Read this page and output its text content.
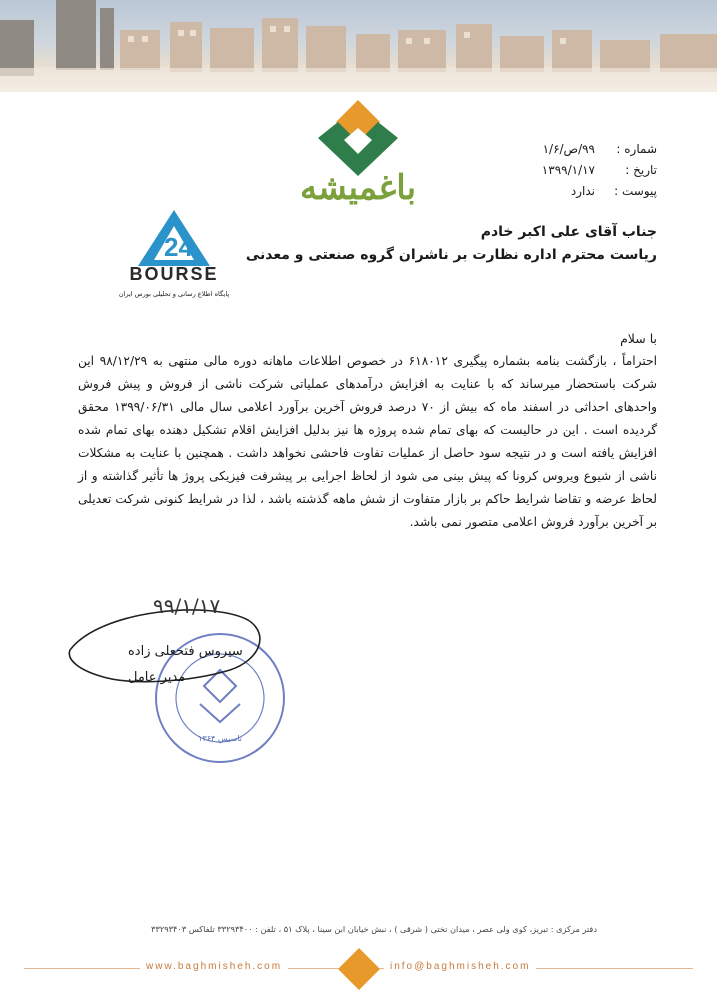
باغمیشه
شماره :
۹۹/ص/۱/۶
تاریخ :
۱۳۹۹/۱/۱۷
پیوست :
ندارد
24
BOURSE
پایگاه اطلاع رسانی و تحلیلی بورس ایران
جناب آقای علی اکبر خادم
ریاست محترم اداره نظارت بر ناشران گروه صنعتی و معدنی
با سلام
احتراماً ، بازگشت بنامه بشماره پیگیری ۶۱۸۰۱۲ در خصوص اطلاعات ماهانه دوره مالی منتهی به ۹۸/۱۲/۲۹ این شرکت باستحضار میرساند که با عنایت به افزایش درآمدهای عملیاتی شرکت ناشی از فروش و پیش فروش واحدهای احداثی در اسفند ماه که بیش از ۷۰ درصد فروش آخرین برآورد اعلامی سال مالی ۱۳۹۹/۰۶/۳۱ محقق گردیده است . این در حالیست که بهای تمام شده پروژه ها نیز بدلیل افزایش اقلام تشکیل دهنده بهای تمام شده افزایش یافته است و در نتیجه سود حاصل از عملیات تفاوت فاحشی نخواهد داشت . همچنین با عنایت به مشکلات ناشی از شیوع ویروس کرونا که پیش بینی می شود از لحاظ اجرایی بر پیشرفت فیزیکی پروژ ها تأثیر گذاشته و از لحاظ عرضه و تقاضا شرایط حاکم بر بازار متفاوت از شش ماهه گذشته باشد ، لذا در شرایط کنونی شرکت تعدیلی بر آخرین برآورد فروش اعلامی متصور نمی باشد.
تاسیس ۱۳۶۴
۹۹/۱/۱۷
سیروس فتحعلی زاده
مدیر عامل
دفتر مرکزی : تبریز، کوی ولی عصر ، میدان تختی ( شرقی ) ، نبش خیابان ابن سینا ، پلاک ۵۱ ، تلفن : ۳۳۲۹۳۴۰۰ تلفاکس ۳۳۲۹۳۴۰۳
www.baghmisheh.com	info@baghmisheh.com
